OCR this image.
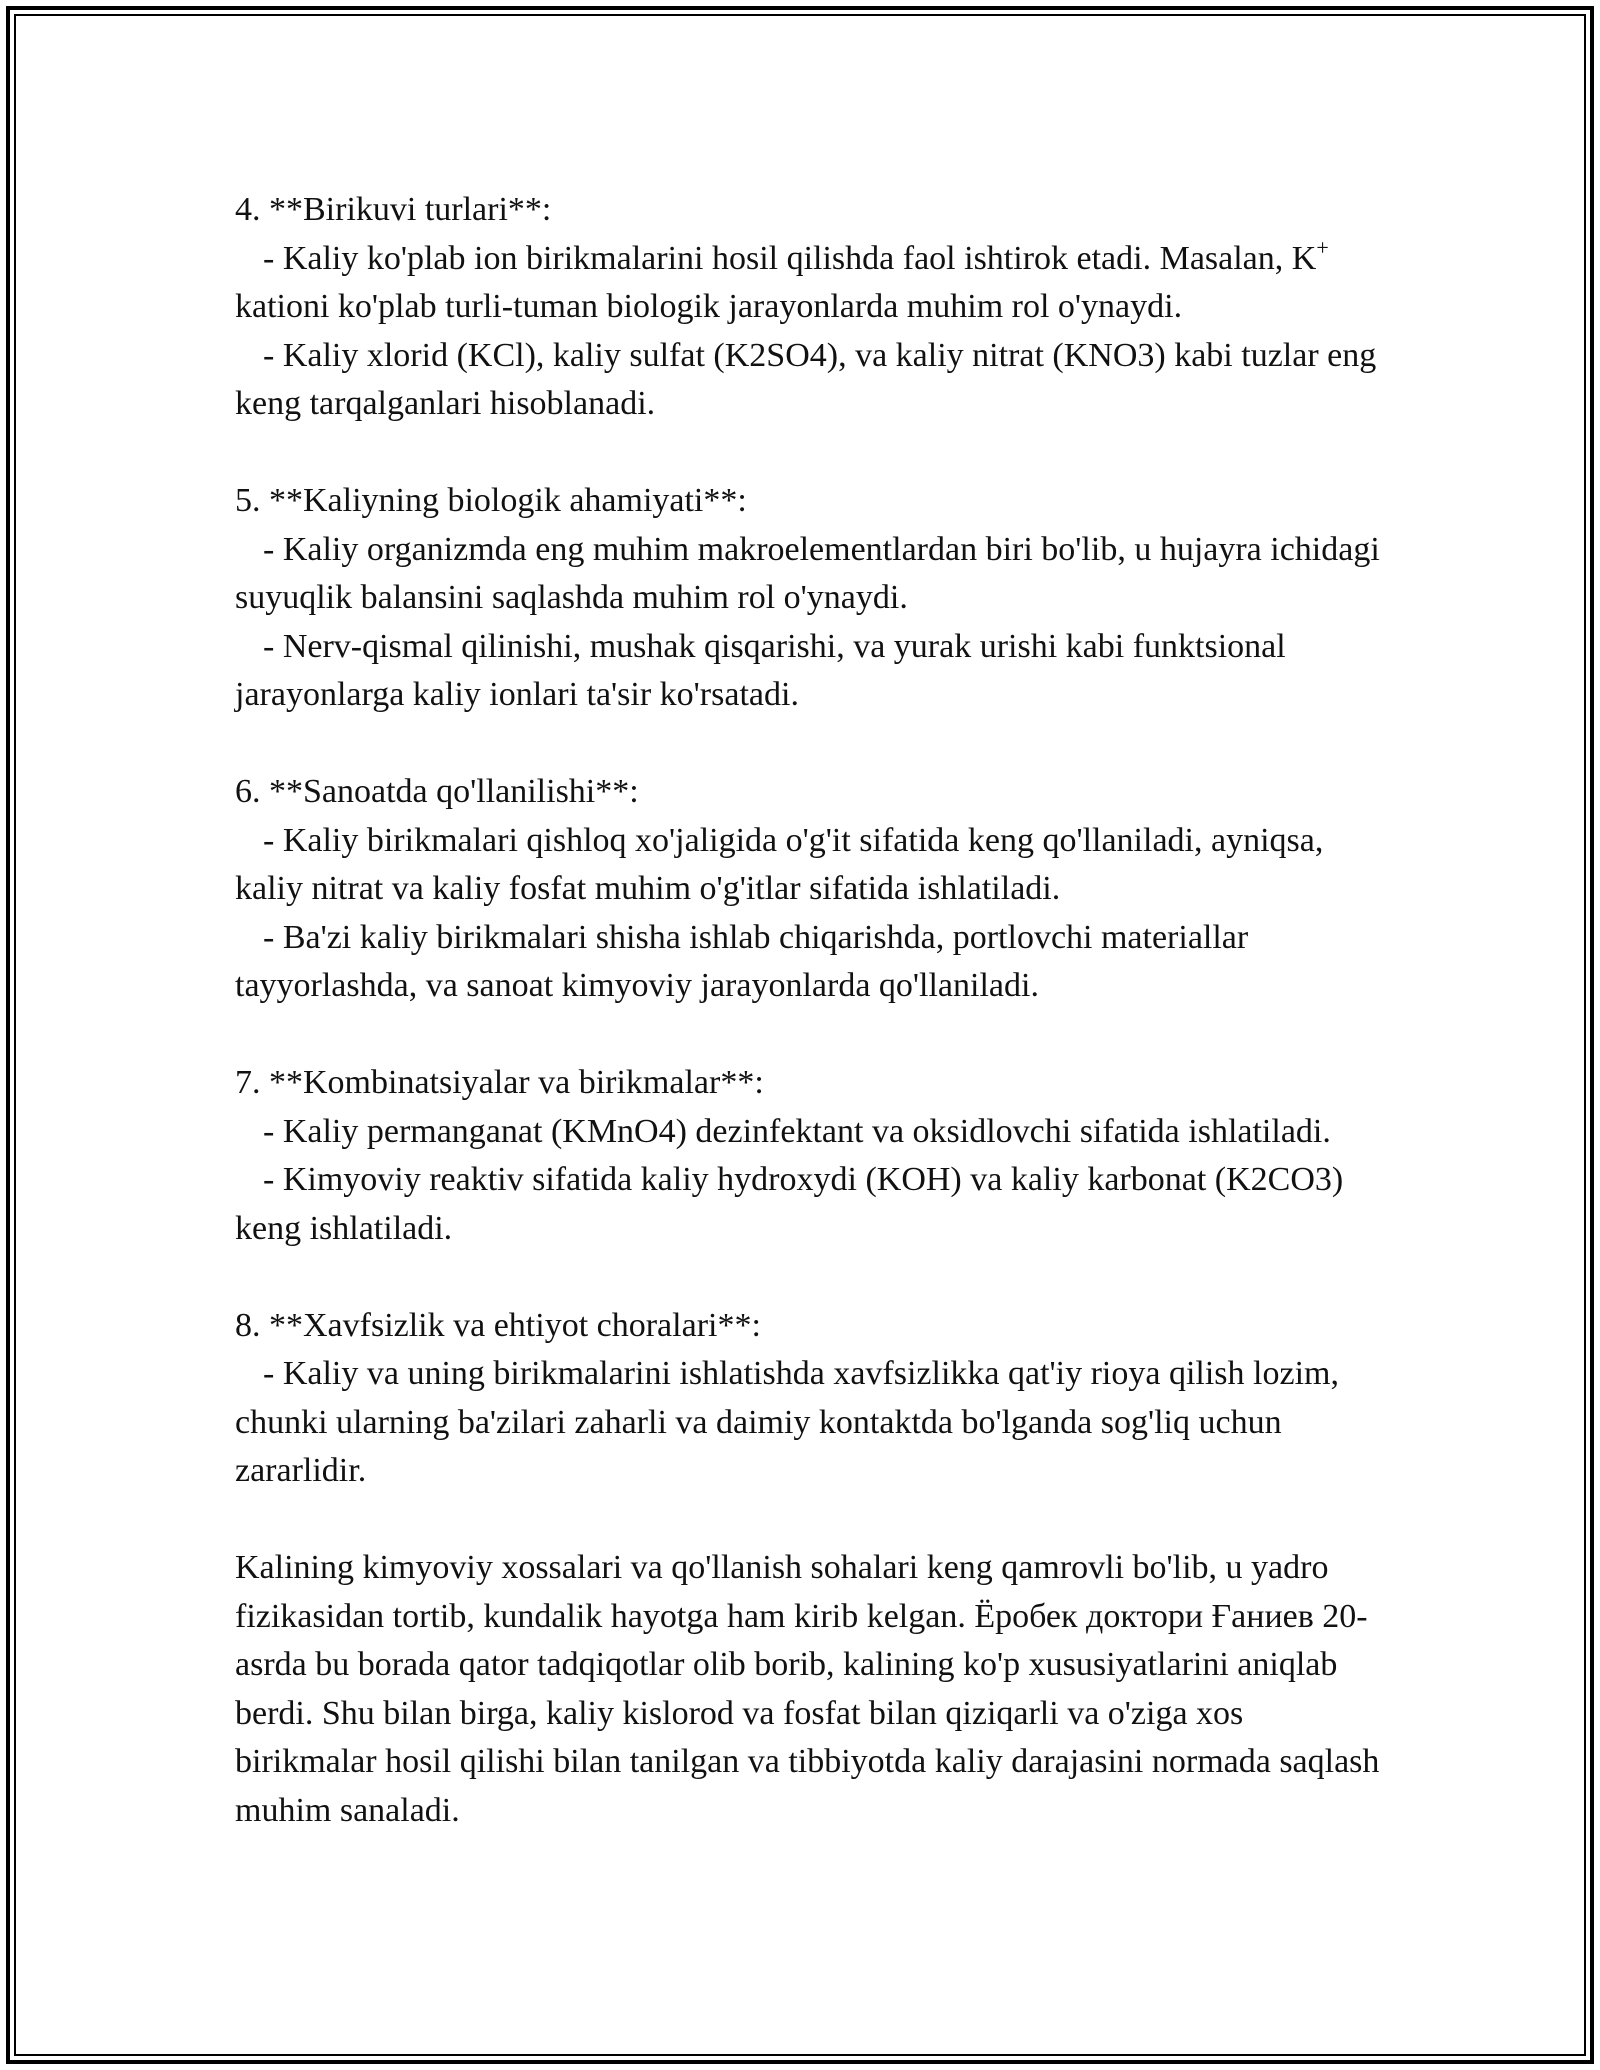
4. **Birikuvi turlari**:
- Kaliy ko'plab ion birikmalarini hosil qilishda faol ishtirok etadi. Masalan, K+ kationi ko'plab turli-tuman biologik jarayonlarda muhim rol o'ynaydi.
- Kaliy xlorid (KCl), kaliy sulfat (K2SO4), va kaliy nitrat (KNO3) kabi tuzlar eng keng tarqalganlari hisoblanadi.
5. **Kaliyning biologik ahamiyati**:
- Kaliy organizmda eng muhim makroelementlardan biri bo'lib, u hujayra ichidagi suyuqlik balansini saqlashda muhim rol o'ynaydi.
- Nerv-qismal qilinishi, mushak qisqarishi, va yurak urishi kabi funktsional jarayonlarga kaliy ionlari ta'sir ko'rsatadi.
6. **Sanoatda qo'llanilishi**:
- Kaliy birikmalari qishloq xo'jaligida o'g'it sifatida keng qo'llaniladi, ayniqsa, kaliy nitrat va kaliy fosfat muhim o'g'itlar sifatida ishlatiladi.
- Ba'zi kaliy birikmalari shisha ishlab chiqarishda, portlovchi materiallar tayyorlashda, va sanoat kimyoviy jarayonlarda qo'llaniladi.
7. **Kombinatsiyalar va birikmalar**:
- Kaliy permanganat (KMnO4) dezinfektant va oksidlovchi sifatida ishlatiladi.
- Kimyoviy reaktiv sifatida kaliy hydroxydi (KOH) va kaliy karbonat (K2CO3) keng ishlatiladi.
8. **Xavfsizlik va ehtiyot choralari**:
- Kaliy va uning birikmalarini ishlatishda xavfsizlikka qat'iy rioya qilish lozim, chunki ularning ba'zilari zaharli va daimiy kontaktda bo'lganda sog'liq uchun zararlidir.

Kalining kimyoviy xossalari va qo'llanish sohalari keng qamrovli bo'lib, u yadro fizikasidan tortib, kundalik hayotga ham kirib kelgan. Ёробек доктори Ғаниев 20-asrda bu borada qator tadqiqotlar olib borib, kalining ko'p xususiyatlarini aniqlab berdi. Shu bilan birga, kaliy kislorod va fosfat bilan qiziqarli va o'ziga xos birikmalar hosil qilishi bilan tanilgan va tibbiyotda kaliy darajasini normada saqlash muhim sanaladi.
